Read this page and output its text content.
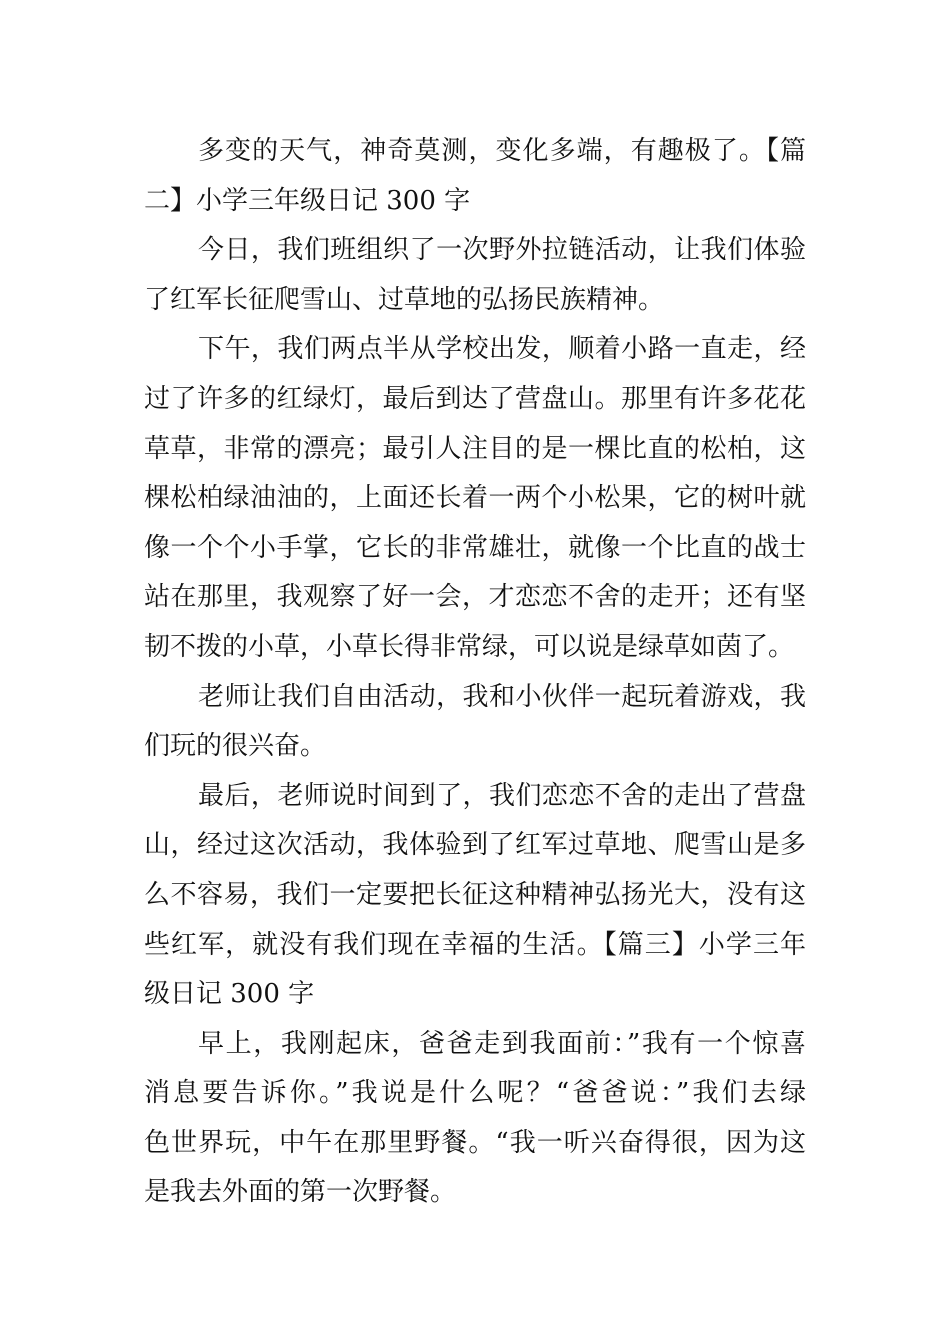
多变的天气，神奇莫测，变化多端，有趣极了。【篇
二】小学三年级日记 300 字
今日，我们班组织了一次野外拉链活动，让我们体验
了红军长征爬雪山、过草地的弘扬民族精神。
下午，我们两点半从学校出发，顺着小路一直走，经
过了许多的红绿灯，最后到达了营盘山。那里有许多花花
草草，非常的漂亮；最引人注目的是一棵比直的松柏，这
棵松柏绿油油的，上面还长着一两个小松果，它的树叶就
像一个个小手掌，它长的非常雄壮，就像一个比直的战士
站在那里，我观察了好一会，才恋恋不舍的走开；还有坚
韧不拨的小草，小草长得非常绿，可以说是绿草如茵了。
老师让我们自由活动，我和小伙伴一起玩着游戏，我
们玩的很兴奋。
最后，老师说时间到了，我们恋恋不舍的走出了营盘
山，经过这次活动，我体验到了红军过草地、爬雪山是多
么不容易，我们一定要把长征这种精神弘扬光大，没有这
些红军，就没有我们现在幸福的生活。【篇三】小学三年
级日记 300 字
早上，我刚起床，爸爸走到我面前：”我有一个惊喜
消息要告诉你。”我说是什么呢？“爸爸说：”我们去绿
色世界玩，中午在那里野餐。“我一听兴奋得很，因为这
是我去外面的第一次野餐。
